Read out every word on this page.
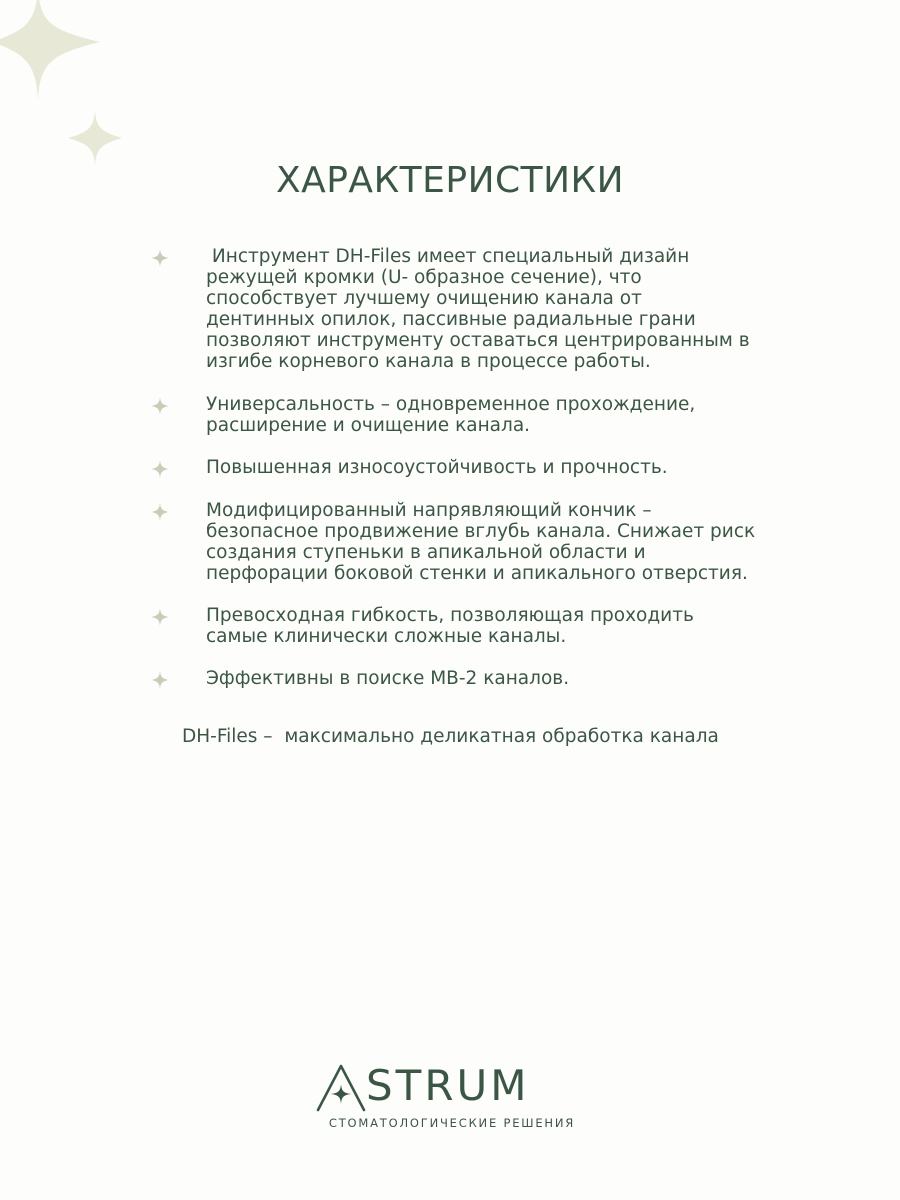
ХАРАКТЕРИСТИКИ
Инструмент DH-Files имеет специальный дизайн
режущей кромки (U- образное сечение), что
способствует лучшему очищению канала от
дентинных опилок, пассивные радиальные грани
позволяют инструменту оставаться центрированным в
изгибе корневого канала в процессе работы.
Универсальность – одновременное прохождение,
расширение и очищение канала.
Повышенная износоустойчивость и прочность.
Модифицированный напрявляющий кончик –
безопасное продвижение вглубь канала. Снижает риск
создания ступеньки в апикальной области и
перфорации боковой стенки и апикального отверстия.
Превосходная гибкость, позволяющая проходить
самые клинически сложные каналы.
Эффективны в поиске МВ-2 каналов.
DH-Files –  максимально деликатная обработка канала
STRUM
СТОМАТОЛОГИЧЕСКИЕ РЕШЕНИЯ
